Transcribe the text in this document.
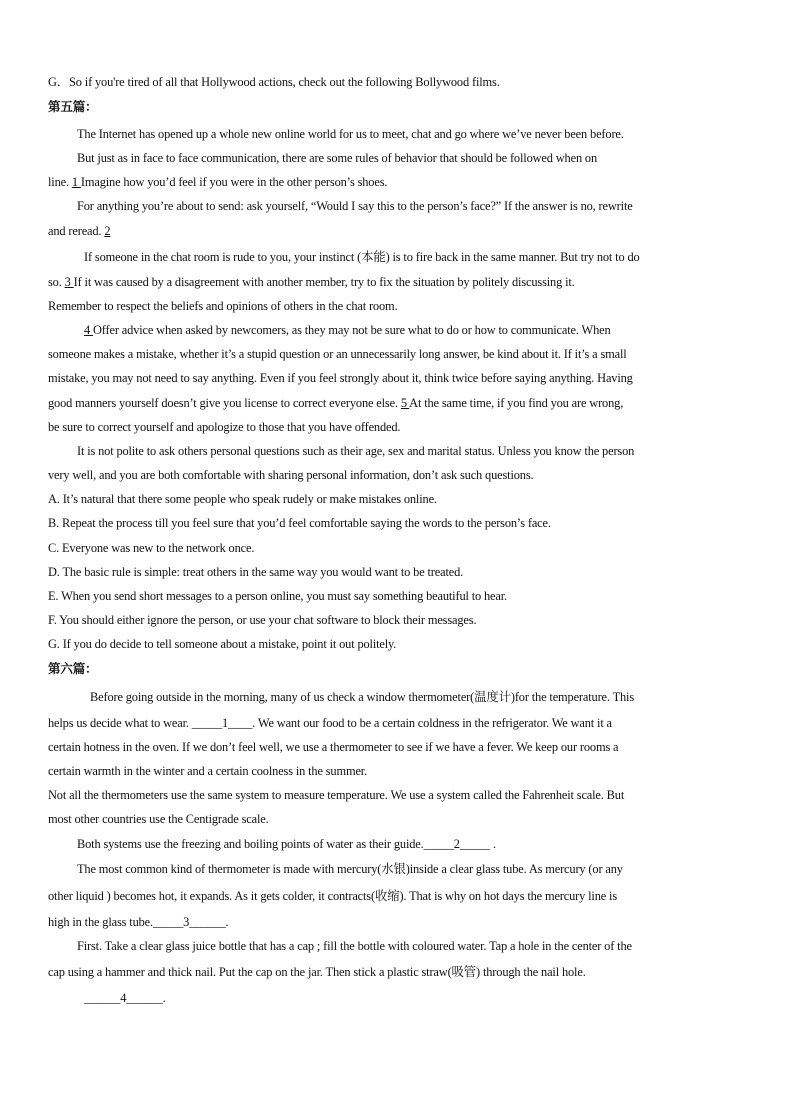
G．So if you're tired of all that Hollywood actions, check out the following Bollywood films.
第五篇：
The Internet has opened up a whole new online world for us to meet, chat and go where we’ve never been before.
But just as in face to face communication, there are some rules of behavior that should be followed when on
line. 1 Imagine how you’d feel if you were in the other person’s shoes.
For anything you’re about to send: ask yourself, “Would I say this to the person’s face?” If the answer is no, rewrite
and reread. 2
If someone in the chat room is rude to you, your instinct (本能) is to fire back in the same manner. But try not to do
so. 3 If it was caused by a disagreement with another member, try to fix the situation by politely discussing it.
Remember to respect the beliefs and opinions of others in the chat room.
4 Offer advice when asked by newcomers, as they may not be sure what to do or how to communicate. When
someone makes a mistake, whether it’s a stupid question or an unnecessarily long answer, be kind about it. If it’s a small
mistake, you may not need to say anything. Even if you feel strongly about it, think twice before saying anything. Having
good manners yourself doesn’t give you license to correct everyone else. 5 At the same time, if you find you are wrong,
be sure to correct yourself and apologize to those that you have offended.
It is not polite to ask others personal questions such as their age, sex and marital status. Unless you know the person
very well, and you are both comfortable with sharing personal information, don’t ask such questions.
A. It’s natural that there some people who speak rudely or make mistakes online.
B. Repeat the process till you feel sure that you’d feel comfortable saying the words to the person’s face.
C. Everyone was new to the network once.
D. The basic rule is simple: treat others in the same way you would want to be treated.
E. When you send short messages to a person online, you must say something beautiful to hear.
F. You should either ignore the person, or use your chat software to block their messages.
G. If you do decide to tell someone about a mistake, point it out politely.
第六篇：
Before going outside in the morning, many of us check a window thermometer(温度计)for the temperature. This
helps us decide what to wear. _____1____. We want our food to be a certain coldness in the refrigerator. We want it a
certain hotness in the oven. If we don’t feel well, we use a thermometer to see if we have a fever. We keep our rooms a
certain warmth in the winter and a certain coolness in the summer.
Not all the thermometers use the same system to measure temperature. We use a system called the Fahrenheit scale. But
most other countries use the Centigrade scale.
Both systems use the freezing and boiling points of water as their guide._____2_____ .
The most common kind of thermometer is made with mercury(水银)inside a clear glass tube. As mercury (or any
other liquid ) becomes hot, it expands. As it gets colder, it contracts(收缩). That is why on hot days the mercury line is
high in the glass tube._____3______.
First. Take a clear glass juice bottle that has a cap ; fill the bottle with coloured water. Tap a hole in the center of the
cap using a hammer and thick nail. Put the cap on the jar. Then stick a plastic straw(吸管) through the nail hole.
______4______.
